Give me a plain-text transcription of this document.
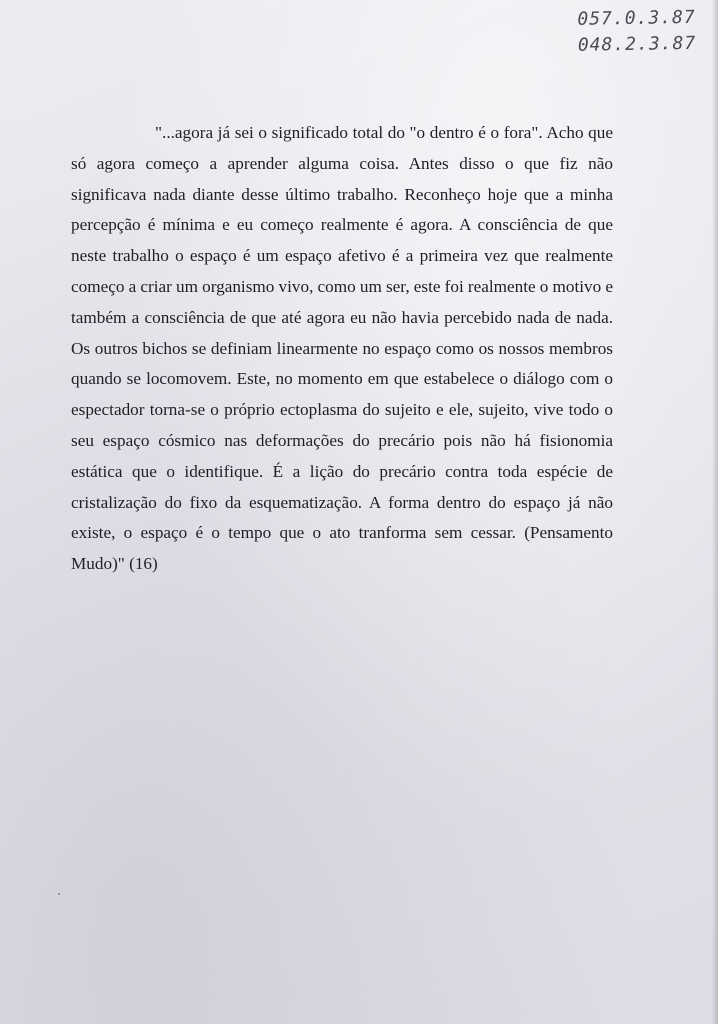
057.0.3.87
048.2.3.87
"...agora já sei o significado total do "o dentro é o fora". Acho que
só agora começo a aprender alguma coisa. Antes disso o que fiz não
significava nada diante desse último trabalho. Reconheço hoje que a minha
percepção é mínima e eu começo realmente é agora. A consciência de que
neste trabalho o espaço é um espaço afetivo é a primeira vez que realmente
começo a criar um organismo vivo, como um ser, este foi realmente o motivo e
também a consciência de que até agora eu não havia percebido nada de nada.
Os outros bichos se definiam linearmente no espaço como os nossos membros
quando se locomovem. Este, no momento em que estabelece o diálogo com o
espectador torna-se o próprio ectoplasma do sujeito e ele, sujeito, vive todo o
seu espaço cósmico nas deformações do precário pois não há fisionomia
estática que o identifique. É a lição do precário contra toda espécie de
cristalização do fixo da esquematização. A forma dentro do espaço já não
existe, o espaço é o tempo que o ato tranforma sem cessar. (Pensamento
Mudo)" (16)
